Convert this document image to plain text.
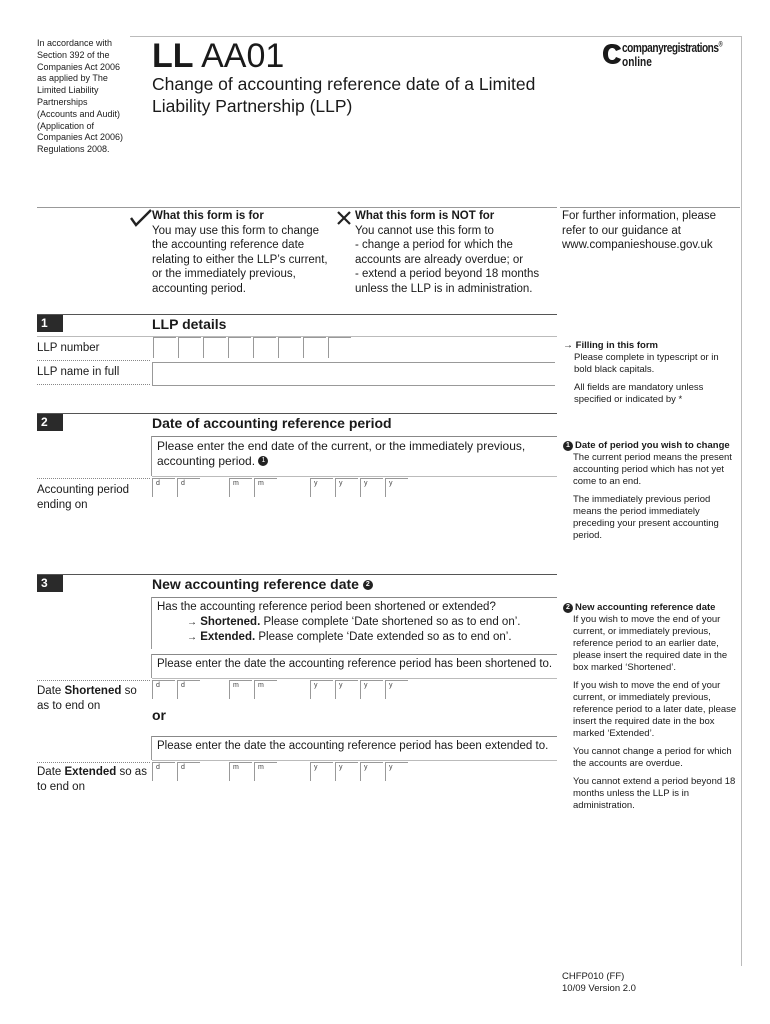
In accordance with Section 392 of the Companies Act 2006 as applied by The Limited Liability Partnerships (Accounts and Audit) (Application of Companies Act 2006) Regulations 2008.
LL AA01
Change of accounting reference date of a Limited Liability Partnership (LLP)
companyregistrations®
online
What this form is for
You may use this form to change the accounting reference date relating to either the LLP’s current, or the immediately previous, accounting period.
What this form is NOT for
You cannot use this form to
- change a period for which the accounts are already overdue; or
- extend a period beyond 18 months unless the LLP is in administration.
For further information, please refer to our guidance at www.companieshouse.gov.uk
1	LLP details
LLP number
LLP name in full
→ Filling in this form
Please complete in typescript or in bold black capitals.
All fields are mandatory unless specified or indicated by *
2	Date of accounting reference period
Please enter the end date of the current, or the immediately previous, accounting period. 1
Accounting period ending on
d	d	m	m	y	y	y	y
1 Date of period you wish to change
The current period means the present accounting period which has not yet come to an end.
The immediately previous period means the period immediately preceding your present accounting period.
3	New accounting reference date 2
Has the accounting reference period been shortened or extended?
→ Shortened. Please complete ‘Date shortened so as to end on’.
→ Extended. Please complete ‘Date extended so as to end on’.
Please enter the date the accounting reference period has been shortened to.
Date Shortened so as to end on
d	d	m	m	y	y	y	y
or
Please enter the date the accounting reference period has been extended to.
Date Extended so as to end on
d	d	m	m	y	y	y	y
2 New accounting reference date
If you wish to move the end of your current, or immediately previous, reference period to an earlier date, please insert the required date in the box marked ‘Shortened’.
If you wish to move the end of your current, or immediately previous, reference period to a later date, please insert the required date in the box marked ‘Extended’.
You cannot change a period for which the accounts are overdue.
You cannot extend a period beyond 18 months unless the LLP is in administration.
CHFP010 (FF)
10/09 Version 2.0
